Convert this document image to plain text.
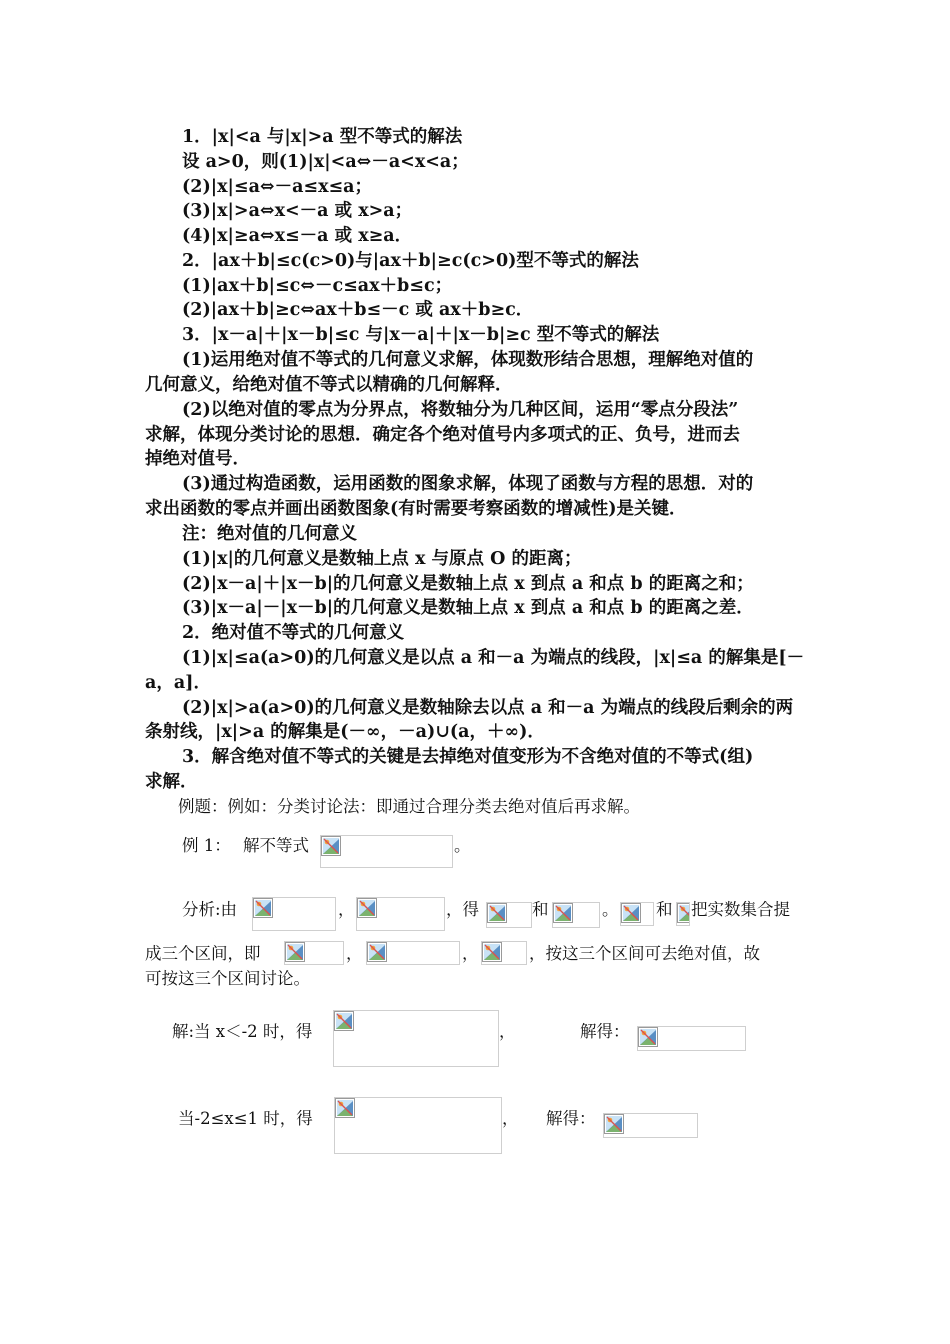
1．|x|<a 与|x|>a 型不等式的解法
设 a>0，则(1)|x|<a⇔－a<x<a；
(2)|x|≤a⇔－a≤x≤a；
(3)|x|>a⇔x<－a 或 x>a；
(4)|x|≥a⇔x≤－a 或 x≥a．
2．|ax＋b|≤c(c>0)与|ax＋b|≥c(c>0)型不等式的解法
(1)|ax＋b|≤c⇔－c≤ax＋b≤c；
(2)|ax＋b|≥c⇔ax＋b≤－c 或 ax＋b≥c．
3．|x－a|＋|x－b|≤c 与|x－a|＋|x－b|≥c 型不等式的解法
(1)运用绝对值不等式的几何意义求解，体现数形结合思想，理解绝对值的
几何意义，给绝对值不等式以精确的几何解释．
(2)以绝对值的零点为分界点，将数轴分为几种区间，运用“零点分段法”
求解，体现分类讨论的思想．确定各个绝对值号内多项式的正、负号，进而去
掉绝对值号．
(3)通过构造函数，运用函数的图象求解，体现了函数与方程的思想．对的
求出函数的零点并画出函数图象(有时需要考察函数的增减性)是关键．
注：绝对值的几何意义
(1)|x|的几何意义是数轴上点 x 与原点 O 的距离；
(2)|x－a|＋|x－b|的几何意义是数轴上点 x 到点 a 和点 b 的距离之和；
(3)|x－a|－|x－b|的几何意义是数轴上点 x 到点 a 和点 b 的距离之差．
2．绝对值不等式的几何意义
(1)|x|≤a(a>0)的几何意义是以点 a 和－a 为端点的线段，|x|≤a 的解集是[－
a，a]．
(2)|x|>a(a>0)的几何意义是数轴除去以点 a 和－a 为端点的线段后剩余的两
条射线，|x|>a 的解集是(－∞，－a)∪(a，＋∞)．
3．解含绝对值不等式的关键是去掉绝对值变形为不含绝对值的不等式(组)
求解．
例题：例如：分类讨论法：即通过合理分类去绝对值后再求解。
例 1： 解不等式	。
分析:由	，	，得	和	。 和 把实数集合提
成三个区间，即	，	，	，按这三个区间可去绝对值，故
可按这三个区间讨论。
解:当 x＜-2 时，得	，	解得：
当-2≤x≤1 时，得	， 解得：
